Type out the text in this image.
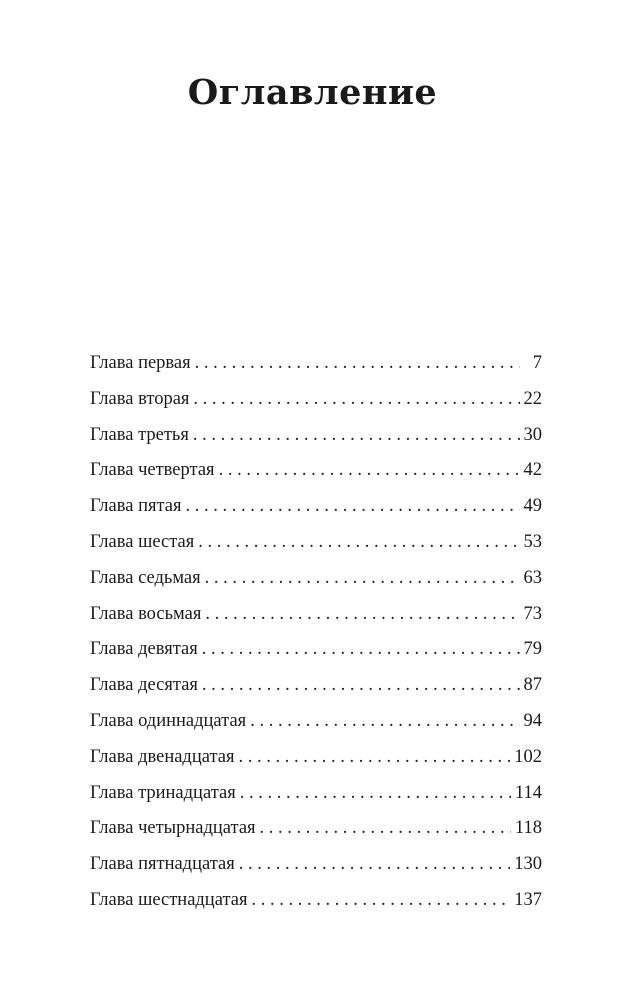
Оглавление
Глава первая . . .	7
Глава вторая . . .	22
Глава третья . . .	30
Глава четвертая . . .	42
Глава пятая . . .	49
Глава шестая . . .	53
Глава седьмая . . .	63
Глава восьмая . . .	73
Глава девятая . . .	79
Глава десятая . . .	87
Глава одиннадцатая . . .	94
Глава двенадцатая . . .	102
Глава тринадцатая . . .	114
Глава четырнадцатая . . .	118
Глава пятнадцатая . . .	130
Глава шестнадцатая . . .	137
